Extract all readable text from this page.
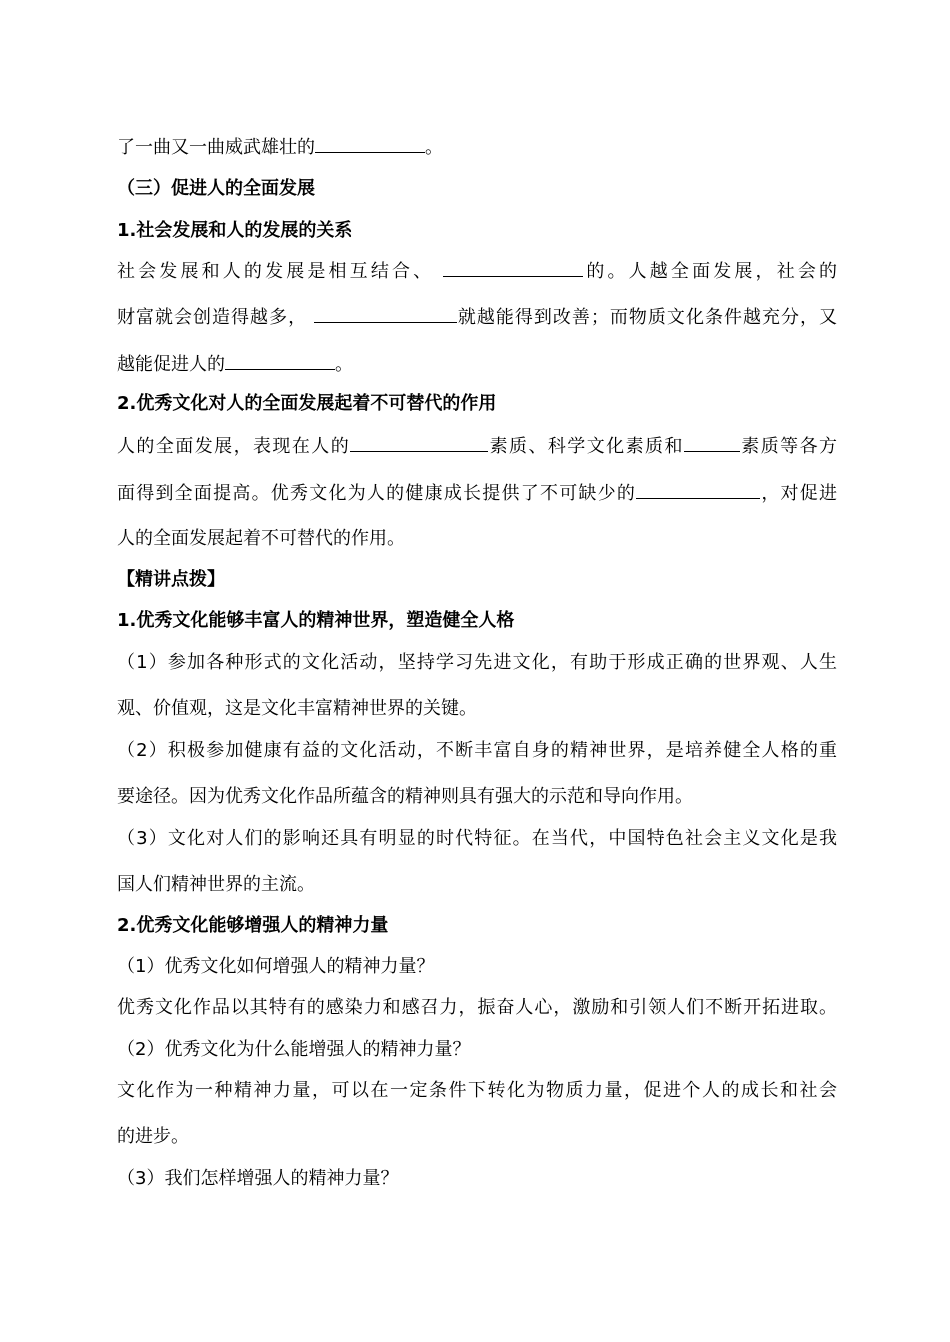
了一曲又一曲威武雄壮的	。
（三）促进人的全面发展
1.社会发展和人的发展的关系
社会发展和人的发展是相互结合、	的。人越全面发展，社会的
财富就会创造得越多，	就越能得到改善；而物质文化条件越充分，又
越能促进人的	。
2.优秀文化对人的全面发展起着不可替代的作用
人的全面发展，表现在人的	素质、科学文化素质和	素质等各方
面得到全面提高。优秀文化为人的健康成长提供了不可缺少的	，对促进
人的全面发展起着不可替代的作用。
【精讲点拨】
1.优秀文化能够丰富人的精神世界，塑造健全人格
（1）参加各种形式的文化活动，坚持学习先进文化，有助于形成正确的世界观、人生
观、价值观，这是文化丰富精神世界的关键。
（2）积极参加健康有益的文化活动，不断丰富自身的精神世界，是培养健全人格的重
要途径。因为优秀文化作品所蕴含的精神则具有强大的示范和导向作用。
（3）文化对人们的影响还具有明显的时代特征。在当代，中国特色社会主义文化是我
国人们精神世界的主流。
2.优秀文化能够增强人的精神力量
（1）优秀文化如何增强人的精神力量？
优秀文化作品以其特有的感染力和感召力，振奋人心，激励和引领人们不断开拓进取。
（2）优秀文化为什么能增强人的精神力量？
文化作为一种精神力量，可以在一定条件下转化为物质力量，促进个人的成长和社会
的进步。
（3）我们怎样增强人的精神力量？
